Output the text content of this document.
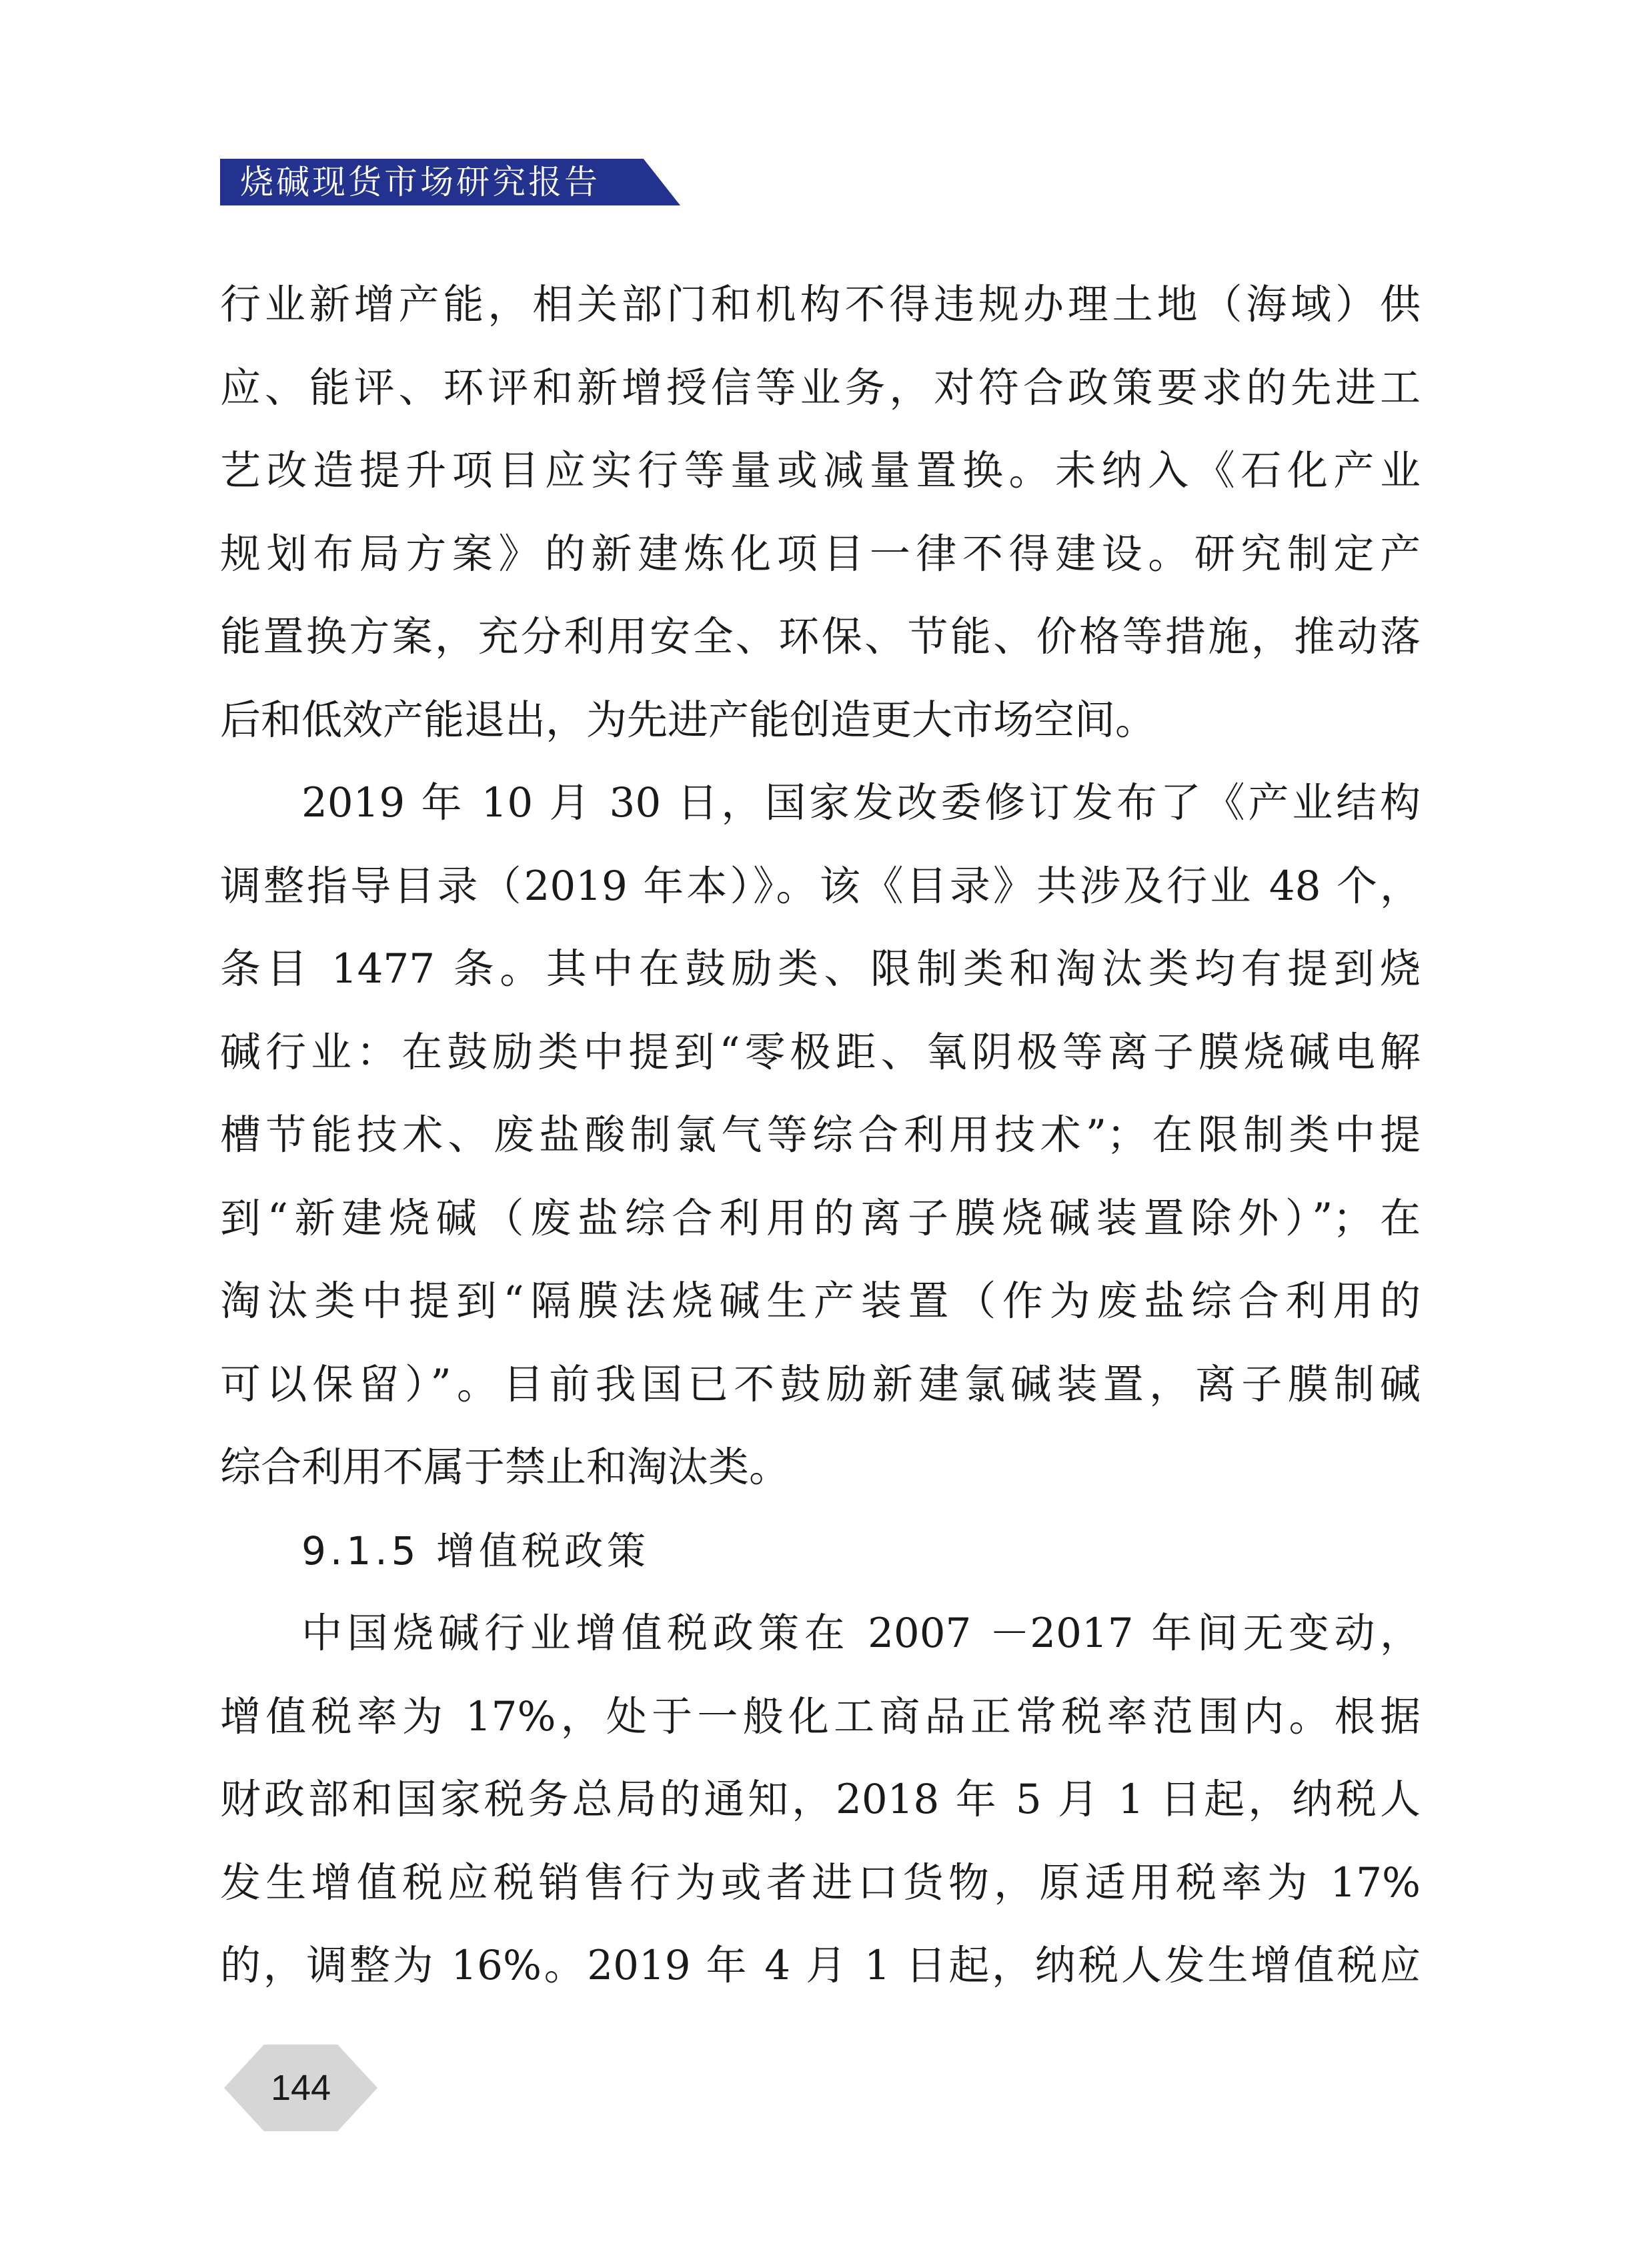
烧碱现货市场研究报告
行业新增产能，相关部门和机构不得违规办理土地（海域）供
应、能评、环评和新增授信等业务，对符合政策要求的先进工
艺改造提升项目应实行等量或减量置换。未纳入《石化产业
规划布局方案》的新建炼化项目一律不得建设。研究制定产
能置换方案，充分利用安全、环保、节能、价格等措施，推动落
后和低效产能退出，为先进产能创造更大市场空间。
2019 年 10 月 30 日，国家发改委修订发布了《产业结构
调整指导目录（2019 年本）》。该《目录》共涉及行业 48 个，
条目 1477 条。其中在鼓励类、限制类和淘汰类均有提到烧
碱行业：在鼓励类中提到“零极距、氧阴极等离子膜烧碱电解
槽节能技术、废盐酸制氯气等综合利用技术”；在限制类中提
到“新建烧碱（废盐综合利用的离子膜烧碱装置除外）”；在
淘汰类中提到“隔膜法烧碱生产装置（作为废盐综合利用的
可以保留）”。目前我国已不鼓励新建氯碱装置，离子膜制碱
综合利用不属于禁止和淘汰类。
9.1.5 增值税政策
中国烧碱行业增值税政策在 2007 －2017 年间无变动，
增值税率为 17%，处于一般化工商品正常税率范围内。根据
财政部和国家税务总局的通知，2018 年 5 月 1 日起，纳税人
发生增值税应税销售行为或者进口货物，原适用税率为 17%
的，调整为 16%。2019 年 4 月 1 日起，纳税人发生增值税应
144
